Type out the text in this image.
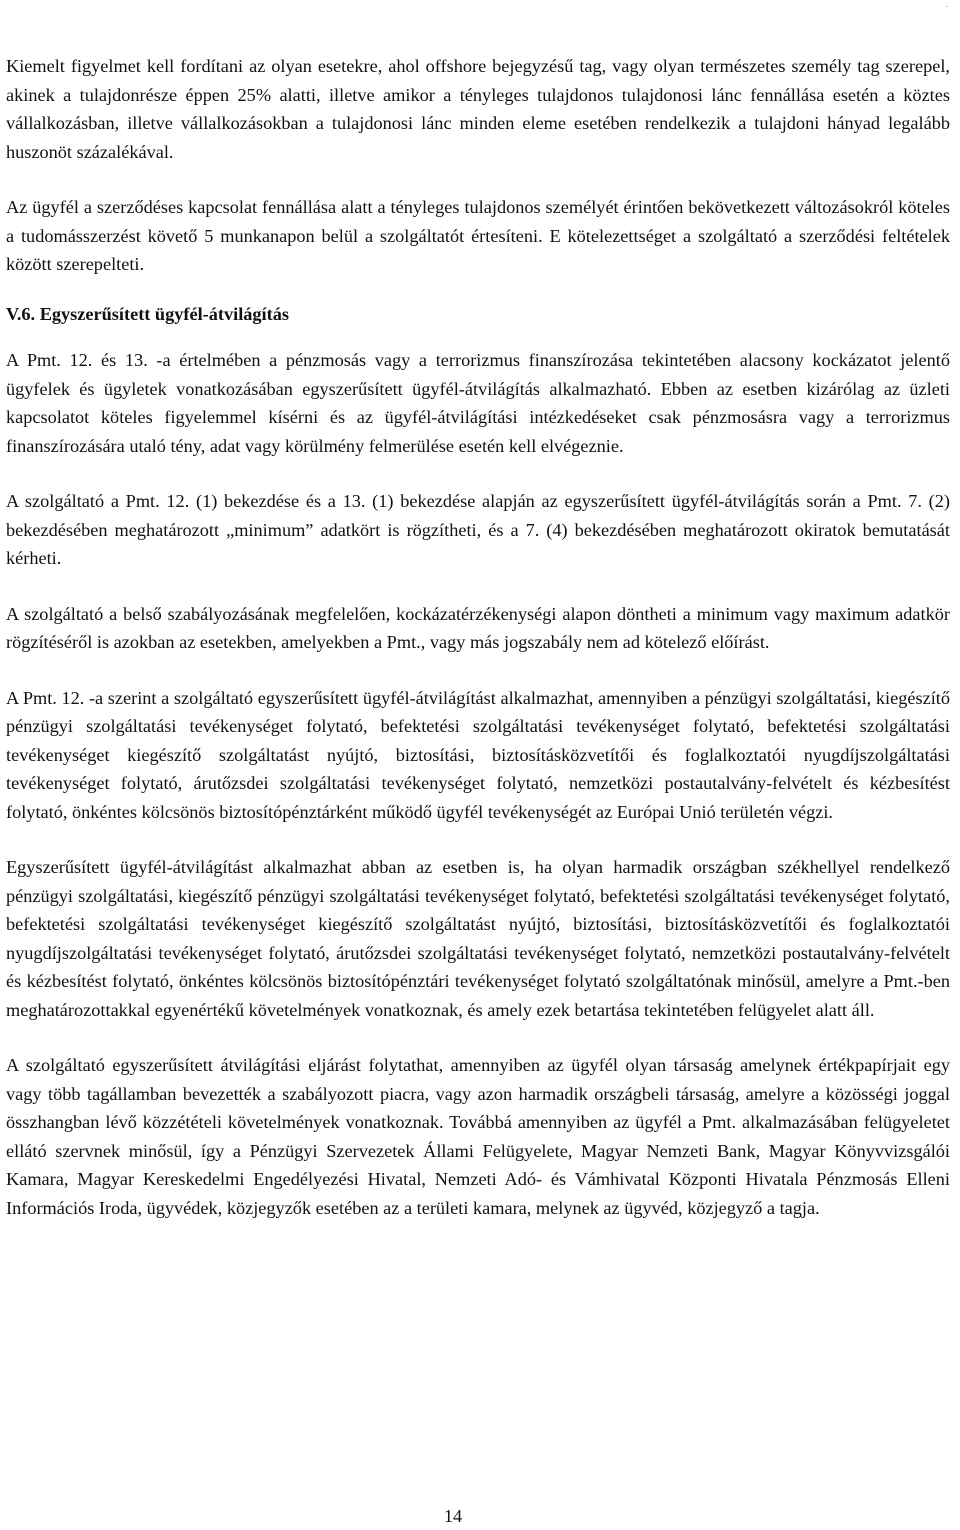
.

Kiemelt figyelmet kell fordítani az olyan esetekre, ahol offshore bejegyzésű tag, vagy olyan természetes személy tag szerepel, akinek a tulajdonrésze éppen 25% alatti, illetve amikor a tényleges tulajdonos tulajdonosi lánc fennállása esetén a köztes vállalkozásban, illetve vállalkozásokban a tulajdonosi lánc minden eleme esetében rendelkezik a tulajdoni hányad legalább huszonöt százalékával.

Az ügyfél a szerződéses kapcsolat fennállása alatt a tényleges tulajdonos személyét érintően bekövetkezett változásokról köteles a tudomásszerzést követő 5 munkanapon belül a szolgáltatót értesíteni. E kötelezettséget a szolgáltató a szerződési feltételek között szerepelteti.

V.6. Egyszerűsített ügyfél-átvilágítás

A Pmt. 12. és 13. -a értelmében a pénzmosás vagy a terrorizmus finanszírozása tekintetében alacsony kockázatot jelentő ügyfelek és ügyletek vonatkozásában egyszerűsített ügyfél-átvilágítás alkalmazható. Ebben az esetben kizárólag az üzleti kapcsolatot köteles figyelemmel kísérni és az ügyfél-átvilágítási intézkedéseket csak pénzmosásra vagy a terrorizmus finanszírozására utaló tény, adat vagy körülmény felmerülése esetén kell elvégeznie.

A szolgáltató a Pmt. 12. (1) bekezdése és a 13. (1) bekezdése alapján az egyszerűsített ügyfél-átvilágítás során a Pmt. 7. (2) bekezdésében meghatározott „minimum” adatkört is rögzítheti, és a 7. (4) bekezdésében meghatározott okiratok bemutatását kérheti.

A szolgáltató a belső szabályozásának megfelelően, kockázatérzékenységi alapon döntheti a minimum vagy maximum adatkör rögzítéséről is azokban az esetekben, amelyekben a Pmt., vagy más jogszabály nem ad kötelező előírást.

A Pmt. 12. -a szerint a szolgáltató egyszerűsített ügyfél-átvilágítást alkalmazhat, amennyiben a pénzügyi szolgáltatási, kiegészítő pénzügyi szolgáltatási tevékenységet folytató, befektetési szolgáltatási tevékenységet folytató, befektetési szolgáltatási tevékenységet kiegészítő szolgáltatást nyújtó, biztosítási, biztosításközvetítői és foglalkoztatói nyugdíjszolgáltatási tevékenységet folytató, árutőzsdei szolgáltatási tevékenységet folytató, nemzetközi postautalvány-felvételt és kézbesítést folytató, önkéntes kölcsönös biztosítópénztárként működő ügyfél tevékenységét az Európai Unió területén végzi.

Egyszerűsített ügyfél-átvilágítást alkalmazhat abban az esetben is, ha olyan harmadik országban székhellyel rendelkező pénzügyi szolgáltatási, kiegészítő pénzügyi szolgáltatási tevékenységet folytató, befektetési szolgáltatási tevékenységet folytató, befektetési szolgáltatási tevékenységet kiegészítő szolgáltatást nyújtó, biztosítási, biztosításközvetítői és foglalkoztatói nyugdíjszolgáltatási tevékenységet folytató, árutőzsdei szolgáltatási tevékenységet folytató, nemzetközi postautalvány-felvételt és kézbesítést folytató, önkéntes kölcsönös biztosítópénztári tevékenységet folytató szolgáltatónak minősül, amelyre a Pmt.-ben meghatározottakkal egyenértékű követelmények vonatkoznak, és amely ezek betartása tekintetében felügyelet alatt áll.

A szolgáltató egyszerűsített átvilágítási eljárást folytathat, amennyiben az ügyfél olyan társaság amelynek értékpapírjait egy vagy több tagállamban bevezették a szabályozott piacra, vagy azon harmadik országbeli társaság, amelyre a közösségi joggal összhangban lévő közzétételi követelmények vonatkoznak. Továbbá amennyiben az ügyfél a Pmt. alkalmazásában felügyeletet ellátó szervnek minősül, így a Pénzügyi Szervezetek Állami Felügyelete, Magyar Nemzeti Bank, Magyar Könyvvizsgálói Kamara, Magyar Kereskedelmi Engedélyezési Hivatal, Nemzeti Adó- és Vámhivatal Központi Hivatala Pénzmosás Elleni Információs Iroda, ügyvédek, közjegyzők esetében az a területi kamara, melynek az ügyvéd, közjegyző a tagja.

14
